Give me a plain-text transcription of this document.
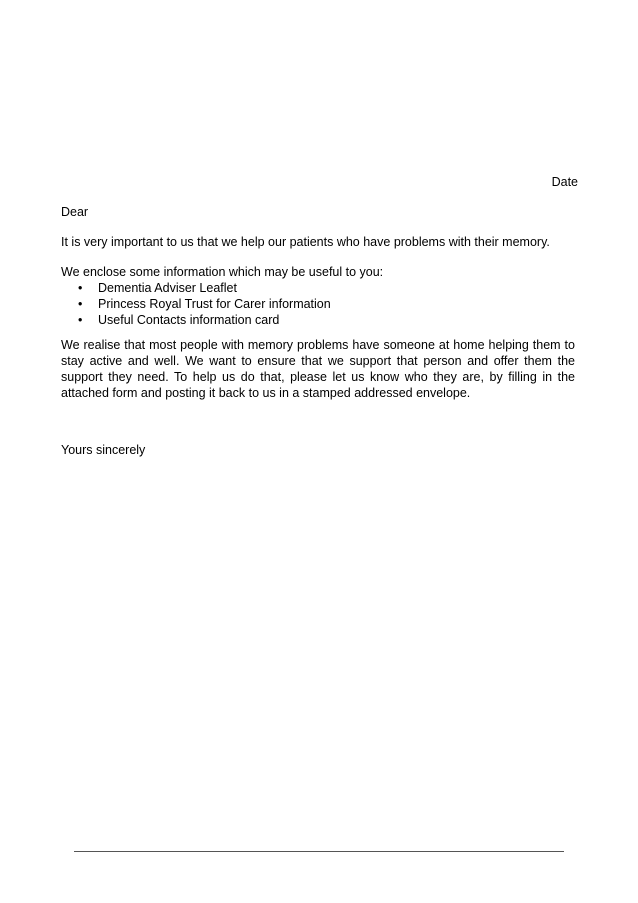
Date

Dear

It is very important to us that we help our patients who have problems with their memory.

We enclose some information which may be useful to you:

• Dementia Adviser Leaflet
• Princess Royal Trust for Carer information
• Useful Contacts information card

We realise that most people with memory problems have someone at home helping them to stay active and well. We want to ensure that we support that person and offer them the support they need. To help us do that, please let us know who they are, by filling in the attached form and posting it back to us in a stamped addressed envelope.

Yours sincerely
